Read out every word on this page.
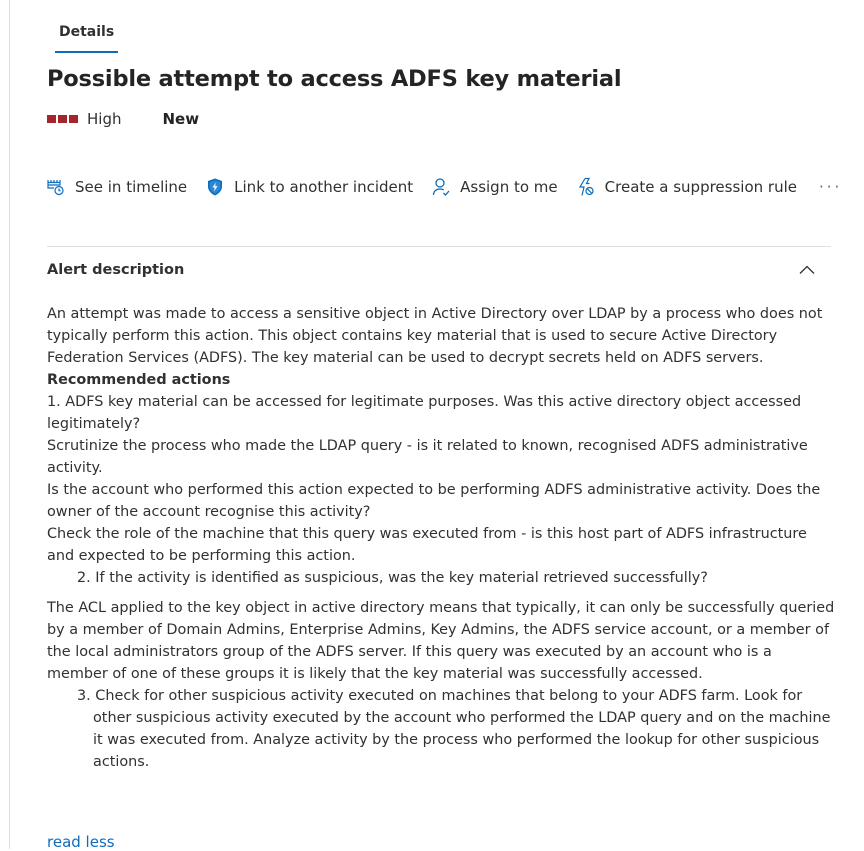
Details
Possible attempt to access ADFS key material
High	New
See in timeline	Link to another incident	Assign to me	Create a suppression rule ···
Alert description

An attempt was made to access a sensitive object in Active Directory over LDAP by a process who does not typically perform this action. This object contains key material that is used to secure Active Directory Federation Services (ADFS). The key material can be used to decrypt secrets held on ADFS servers.

Recommended actions

1. ADFS key material can be accessed for legitimate purposes. Was this active directory object accessed legitimately?

Scrutinize the process who made the LDAP query - is it related to known, recognised ADFS administrative activity.

Is the account who performed this action expected to be performing ADFS administrative activity. Does the owner of the account recognise this activity?

Check the role of the machine that this query was executed from - is this host part of ADFS infrastructure and expected to be performing this action.

2. If the activity is identified as suspicious, was the key material retrieved successfully?

The ACL applied to the key object in active directory means that typically, it can only be successfully queried by a member of Domain Admins, Enterprise Admins, Key Admins, the ADFS service account, or a member of the local administrators group of the ADFS server. If this query was executed by an account who is a member of one of these groups it is likely that the key material was successfully accessed.

3. Check for other suspicious activity executed on machines that belong to your ADFS farm. Look for other suspicious activity executed by the account who performed the LDAP query and on the machine it was executed from. Analyze activity by the process who performed the lookup for other suspicious actions.

read less
